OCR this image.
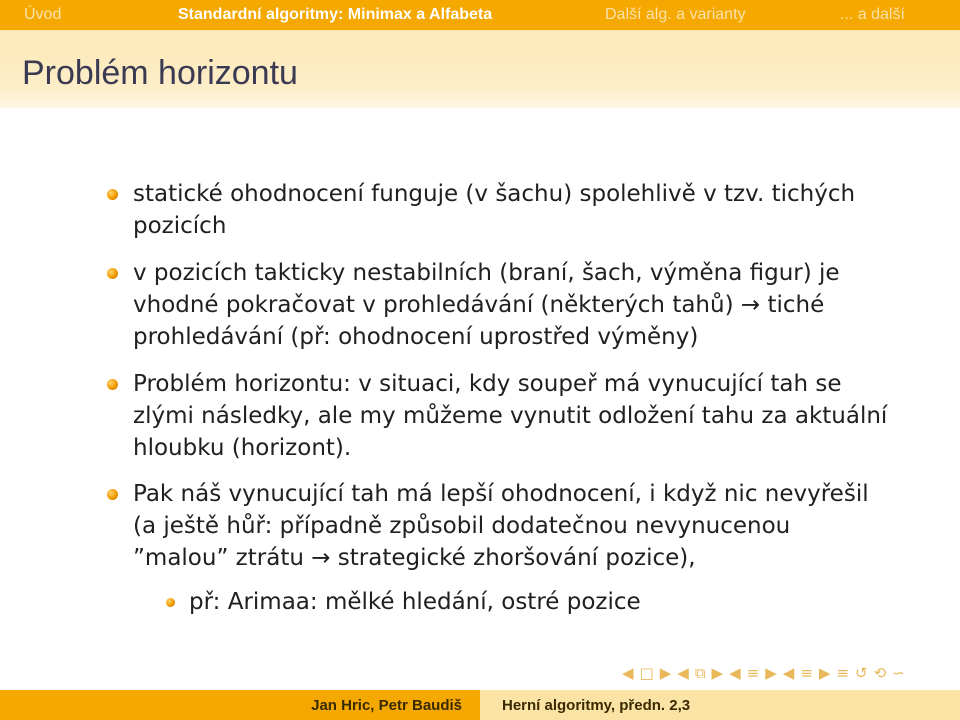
Úvod	Standardní algoritmy: Minimax a Alfabeta	Další alg. a varianty	... a další
Problém horizontu
statické ohodnocení funguje (v šachu) spolehlivě v tzv. tichých
pozicích
v pozicích takticky nestabilních (braní, šach, výměna figur) je
vhodné pokračovat v prohledávání (některých tahů) → tiché
prohledávání (př: ohodnocení uprostřed výměny)
Problém horizontu: v situaci, kdy soupeř má vynucující tah se
zlými následky, ale my můžeme vynutit odložení tahu za aktuální
hloubku (horizont).
Pak náš vynucující tah má lepší ohodnocení, i když nic nevyřešil
(a ještě hůř: případně způsobil dodatečnou nevynucenou
”malou” ztrátu → strategické zhoršování pozice),
př: Arimaa: mělké hledání, ostré pozice
◀ □ ▶ ◀ ⧉ ▶ ◀ ≡ ▶ ◀ ≡ ▶ ≡ ↺ ⟲ ∽
Jan Hric, Petr Baudiš	Herní algoritmy, předn. 2,3
